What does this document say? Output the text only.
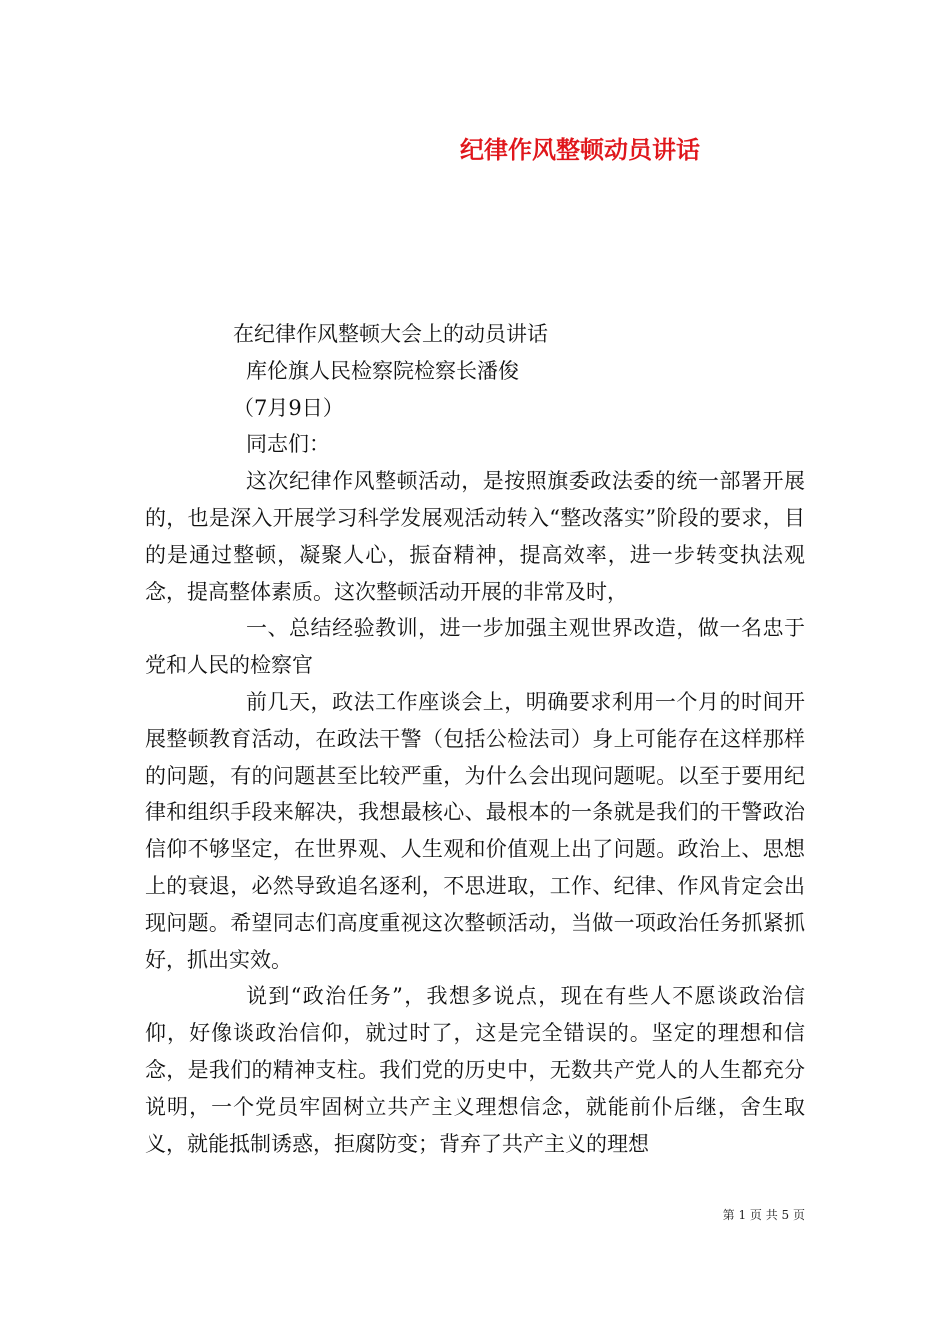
纪律作风整顿动员讲话

在纪律作风整顿大会上的动员讲话

库伦旗人民检察院检察长潘俊

（7月9日）

同志们：

这次纪律作风整顿活动，是按照旗委政法委的统一部署开展的，也是深入开展学习科学发展观活动转入“整改落实”阶段的要求，目的是通过整顿，凝聚人心，振奋精神，提高效率，进一步转变执法观念，提高整体素质。这次整顿活动开展的非常及时，

一、总结经验教训，进一步加强主观世界改造，做一名忠于党和人民的检察官

前几天，政法工作座谈会上，明确要求利用一个月的时间开展整顿教育活动，在政法干警（包括公检法司）身上可能存在这样那样的问题，有的问题甚至比较严重，为什么会出现问题呢。以至于要用纪律和组织手段来解决，我想最核心、最根本的一条就是我们的干警政治信仰不够坚定，在世界观、人生观和价值观上出了问题。政治上、思想上的衰退，必然导致追名逐利，不思进取，工作、纪律、作风肯定会出现问题。希望同志们高度重视这次整顿活动，当做一项政治任务抓紧抓好，抓出实效。

说到“政治任务”，我想多说点，现在有些人不愿谈政治信仰，好像谈政治信仰，就过时了，这是完全错误的。坚定的理想和信念，是我们的精神支柱。我们党的历史中，无数共产党人的人生都充分说明，一个党员牢固树立共产主义理想信念，就能前仆后继，舍生取义，就能抵制诱惑，拒腐防变；背弃了共产主义的理想

第 1 页 共 5 页
